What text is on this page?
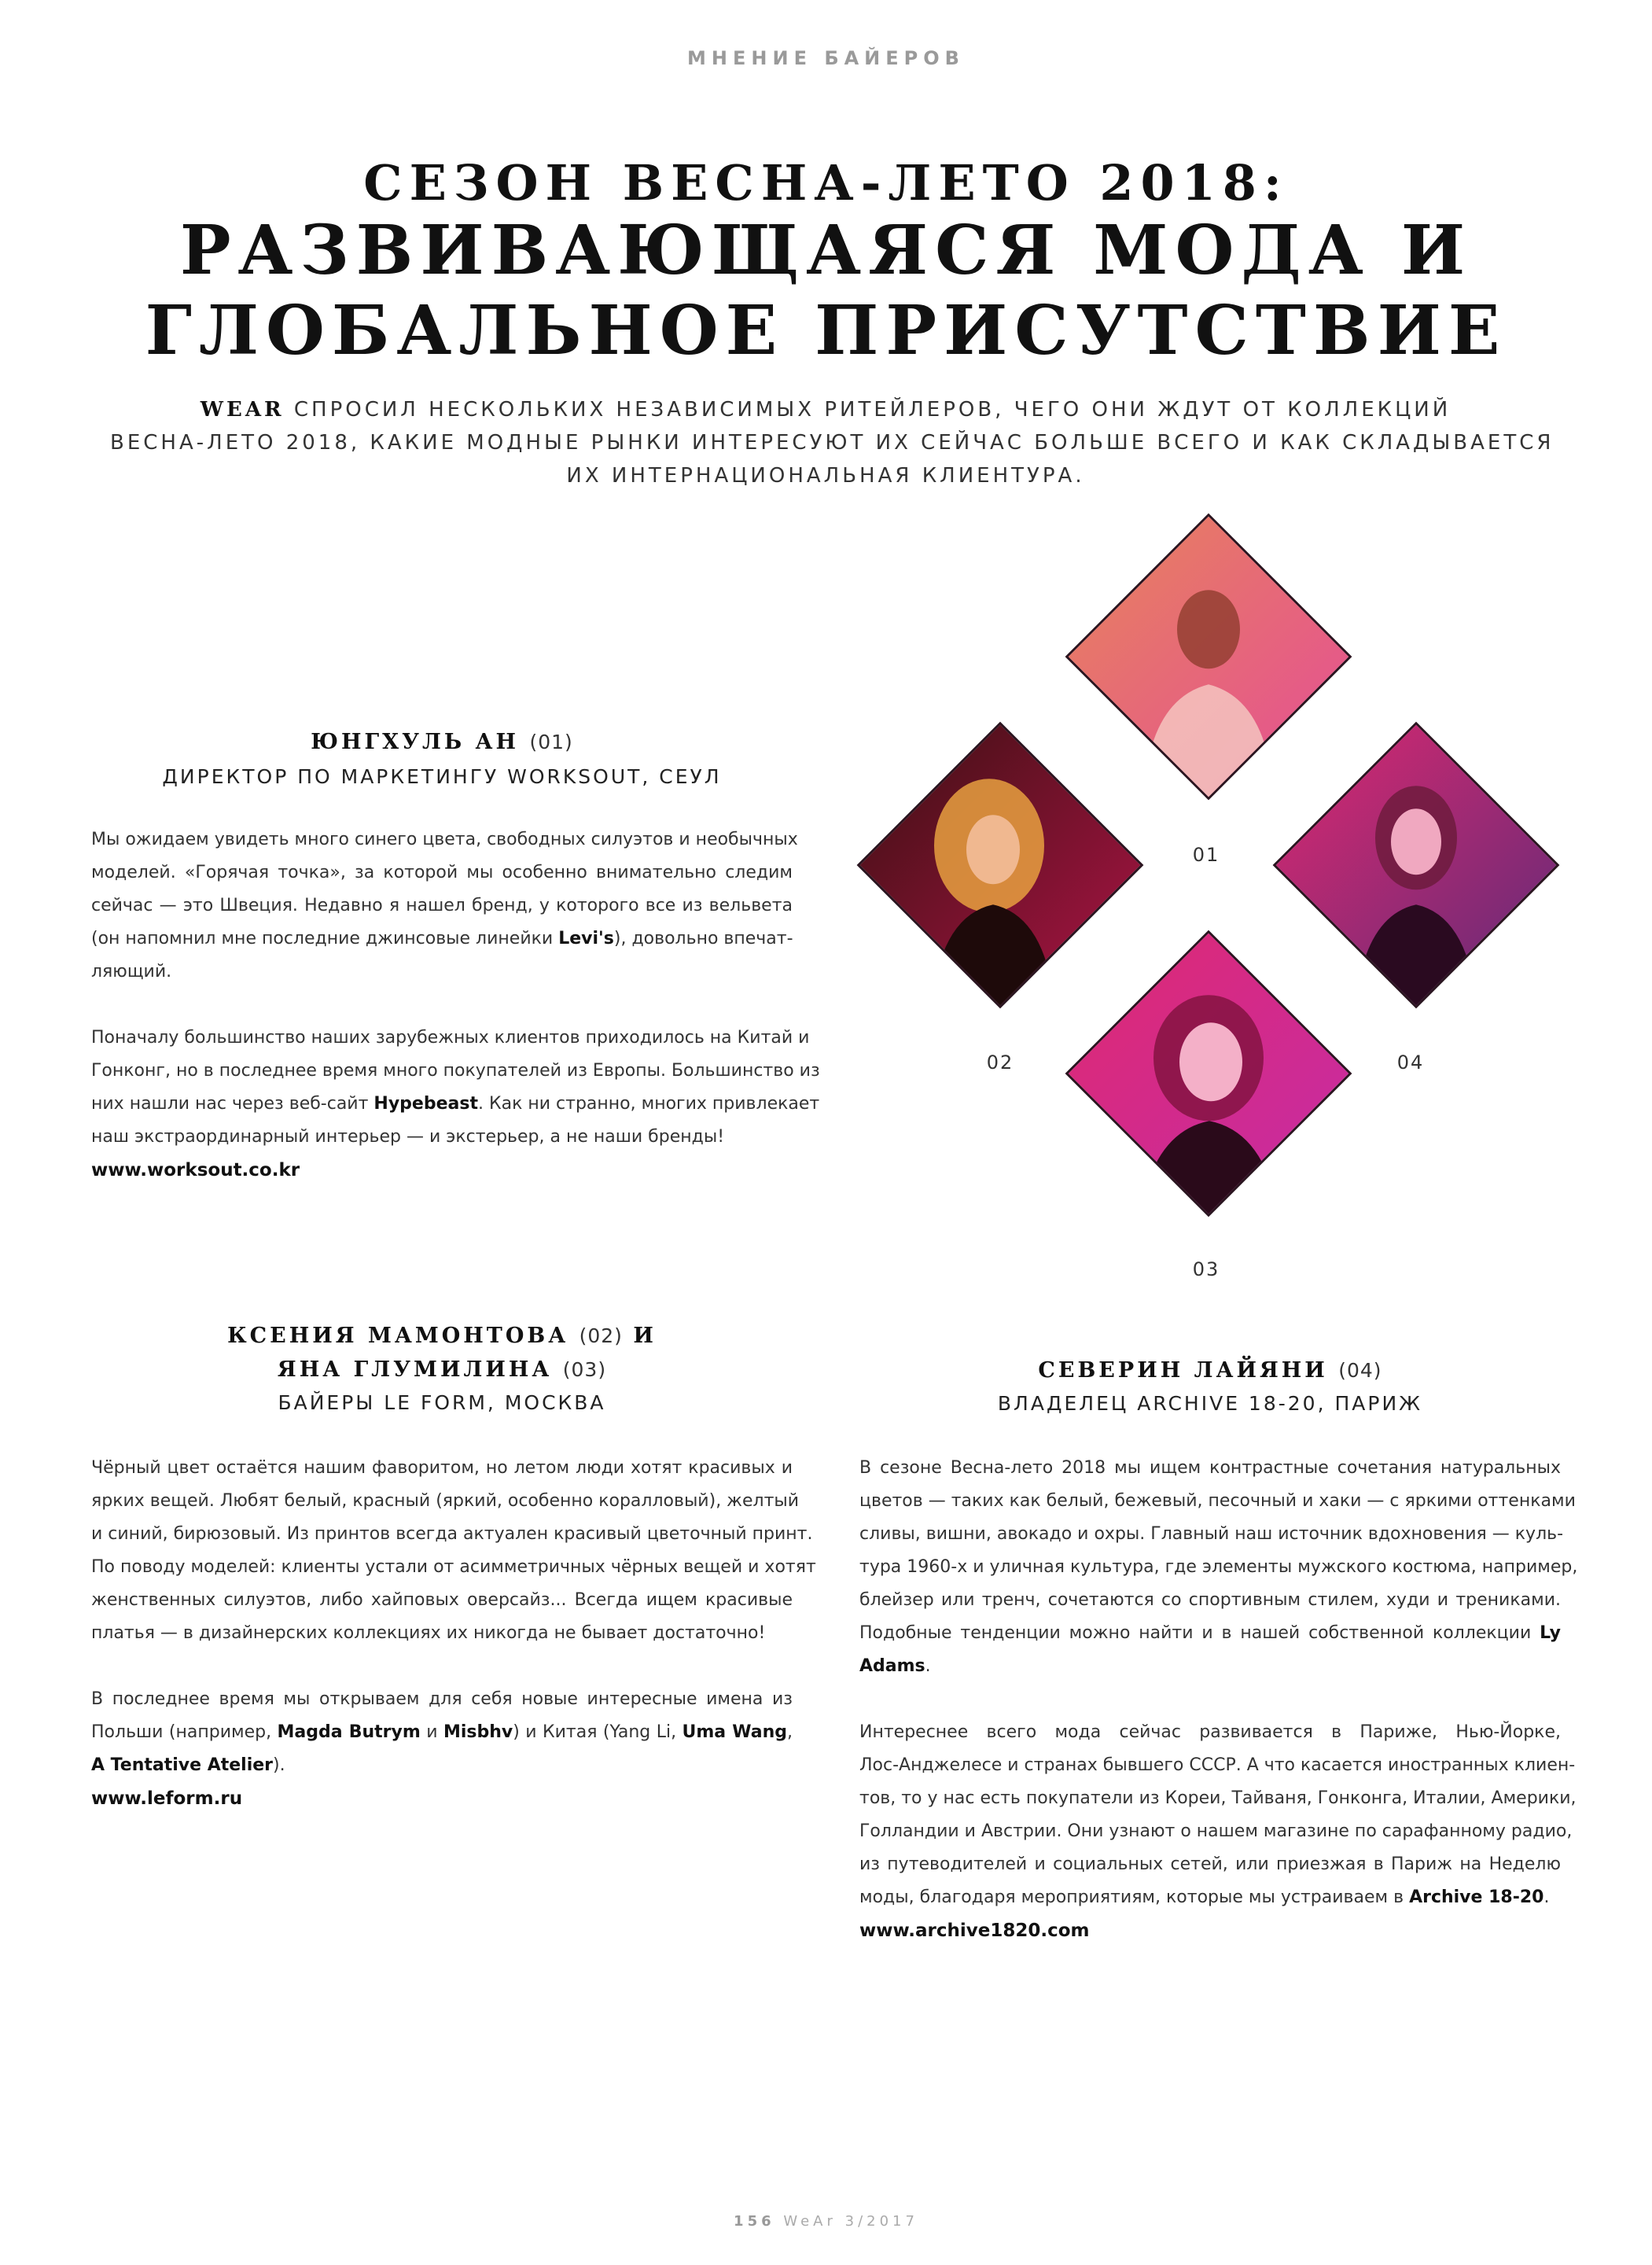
МНЕНИЕ БАЙЕРОВ
СЕЗОН ВЕСНА-ЛЕТО 2018:
РАЗВИВАЮЩАЯСЯ МОДА И
ГЛОБАЛЬНОЕ ПРИСУТСТВИЕ
WEAR СПРОСИЛ НЕСКОЛЬКИХ НЕЗАВИСИМЫХ РИТЕЙЛЕРОВ, ЧЕГО ОНИ ЖДУТ ОТ КОЛЛЕКЦИЙ
ВЕСНА-ЛЕТО 2018, КАКИЕ МОДНЫЕ РЫНКИ ИНТЕРЕСУЮТ ИХ СЕЙЧАС БОЛЬШЕ ВСЕГО И КАК СКЛАДЫВАЕТСЯ
ИХ ИНТЕРНАЦИОНАЛЬНАЯ КЛИЕНТУРА.
01
02	04
03
ЮНГХУЛЬ АН (01)
ДИРЕКТОР ПО МАРКЕТИНГУ WORKSOUT, СЕУЛ
Мы ожидаем увидеть много синего цвета, свободных силуэтов и необычных
моделей. «Горячая точка», за которой мы особенно внимательно следим
сейчас — это Швеция. Недавно я нашел бренд, у которого все из вельвета
(он напомнил мне последние джинсовые линейки Levi's), довольно впечат-
ляющий.

Поначалу большинство наших зарубежных клиентов приходилось на Китай и
Гонконг, но в последнее время много покупателей из Европы. Большинство из
них нашли нас через веб-сайт Hypebeast. Как ни странно, многих привлекает
наш экстраординарный интерьер — и экстерьер, а не наши бренды!
www.worksout.co.kr
КСЕНИЯ МАМОНТОВА (02) И
ЯНА ГЛУМИЛИНА (03)
БАЙЕРЫ LE FORM, МОСКВА
Чёрный цвет остаётся нашим фаворитом, но летом люди хотят красивых и
ярких вещей. Любят белый, красный (яркий, особенно коралловый), желтый
и синий, бирюзовый. Из принтов всегда актуален красивый цветочный принт.
По поводу моделей: клиенты устали от асимметричных чёрных вещей и хотят
женственных силуэтов, либо хайповых оверсайз... Всегда ищем красивые
платья — в дизайнерских коллекциях их никогда не бывает достаточно!

В последнее время мы открываем для себя новые интересные имена из
Польши (например, Magda Butrym и Misbhv) и Китая (Yang Li, Uma Wang,
A Tentative Atelier).
www.leform.ru
СЕВЕРИН ЛАЙЯНИ (04)
ВЛАДЕЛЕЦ ARCHIVE 18-20, ПАРИЖ
В сезоне Весна-лето 2018 мы ищем контрастные сочетания натуральных
цветов — таких как белый, бежевый, песочный и хаки — с яркими оттенками
сливы, вишни, авокадо и охры. Главный наш источник вдохновения — куль-
тура 1960-х и уличная культура, где элементы мужского костюма, например,
блейзер или тренч, сочетаются со спортивным стилем, худи и трениками.
Подобные тенденции можно найти и в нашей собственной коллекции Ly
Adams.

Интереснее всего мода сейчас развивается в Париже, Нью-Йорке,
Лос-Анджелесе и странах бывшего СССР. А что касается иностранных клиен-
тов, то у нас есть покупатели из Кореи, Тайваня, Гонконга, Италии, Америки,
Голландии и Австрии. Они узнают о нашем магазине по сарафанному радио,
из путеводителей и социальных сетей, или приезжая в Париж на Неделю
моды, благодаря мероприятиям, которые мы устраиваем в Archive 18-20.
www.archive1820.com
156 WeAr 3/2017
